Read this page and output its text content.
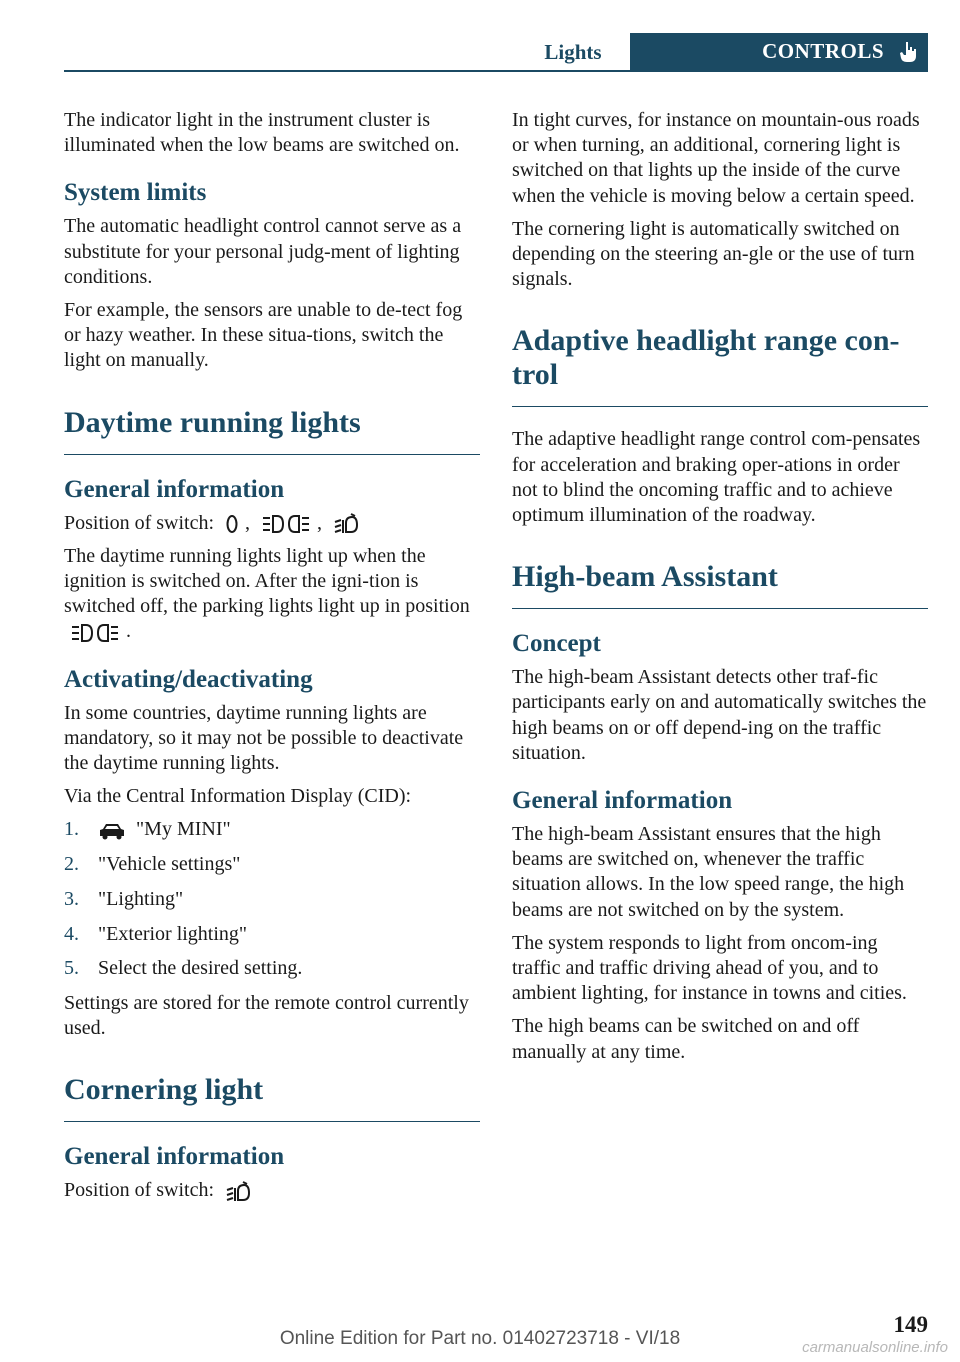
Lights	CONTROLS

The indicator light in the instrument cluster is illuminated when the low beams are switched on.

System limits

The automatic headlight control cannot serve as a substitute for your personal judg‐ment of lighting conditions.

For example, the sensors are unable to de‐tect fog or hazy weather. In these situa‐tions, switch the light on manually.

Daytime running lights
General information

Position of switch: ,	,

The daytime running lights light up when the ignition is switched on. After the igni‐tion is switched off, the parking lights light up in position .

Activating/deactivating

In some countries, daytime running lights are mandatory, so it may not be possible to deactivate the daytime running lights.

Via the Central Information Display (CID):

1.	"My MINI"
2. "Vehicle settings"
3. "Lighting"
4. "Exterior lighting"
5. Select the desired setting.

Settings are stored for the remote control currently used.

Cornering light
General information

Position of switch:

In tight curves, for instance on mountain‐ous roads or when turning, an additional, cornering light is switched on that lights up the inside of the curve when the vehicle is moving below a certain speed.

The cornering light is automatically switched on depending on the steering an‐gle or the use of turn signals.

Adaptive headlight range con‐trol

The adaptive headlight range control com‐pensates for acceleration and braking oper‐ations in order not to blind the oncoming traffic and to achieve optimum illumination of the roadway.

High-beam Assistant
Concept

The high-beam Assistant detects other traf‐fic participants early on and automatically switches the high beams on or off depend‐ing on the traffic situation.

General information

The high-beam Assistant ensures that the high beams are switched on, whenever the traffic situation allows. In the low speed range, the high beams are not switched on by the system.

The system responds to light from oncom‐ing traffic and traffic driving ahead of you, and to ambient lighting, for instance in towns and cities.

The high beams can be switched on and off manually at any time.

149
Online Edition for Part no. 01402723718 - VI/18	carmanualsonline.info
